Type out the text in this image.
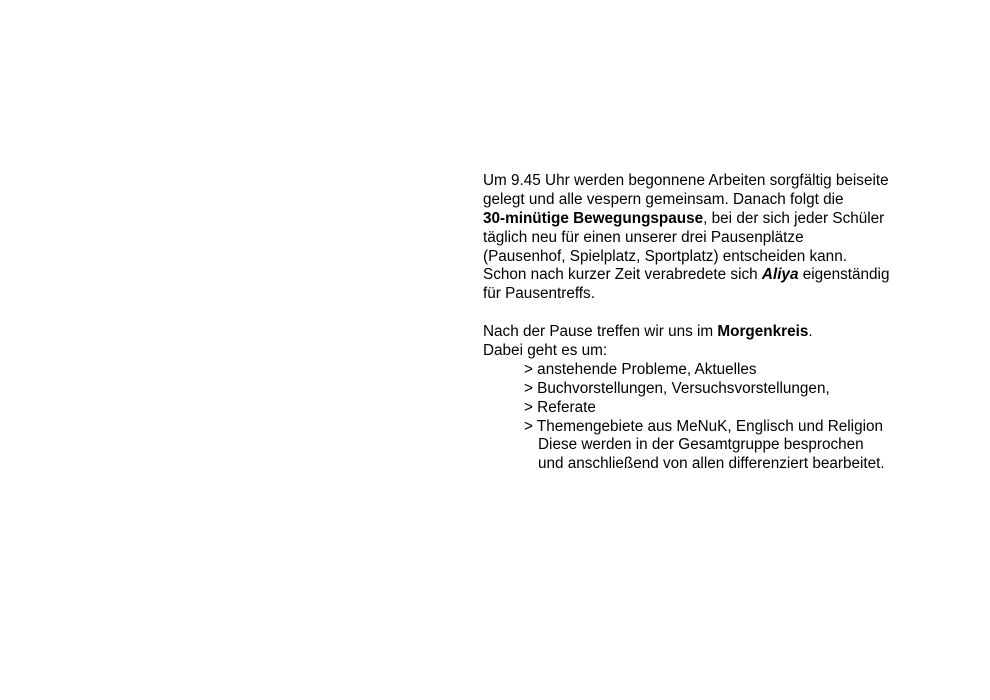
Um 9.45 Uhr werden begonnene Arbeiten sorgfältig beiseite
gelegt und alle vespern gemeinsam. Danach folgt die
30-minütige Bewegungspause, bei der sich jeder Schüler
täglich neu für einen unserer drei Pausenplätze
(Pausenhof, Spielplatz, Sportplatz) entscheiden kann.
Schon nach kurzer Zeit verabredete sich Aliya eigenständig
für Pausentreffs.
Nach der Pause treffen wir uns im Morgenkreis.
Dabei geht es um:
> anstehende Probleme, Aktuelles
> Buchvorstellungen, Versuchsvorstellungen,
> Referate
> Themengebiete aus MeNuK, Englisch und Religion
Diese werden in der Gesamtgruppe besprochen
und anschließend von allen differenziert bearbeitet.
